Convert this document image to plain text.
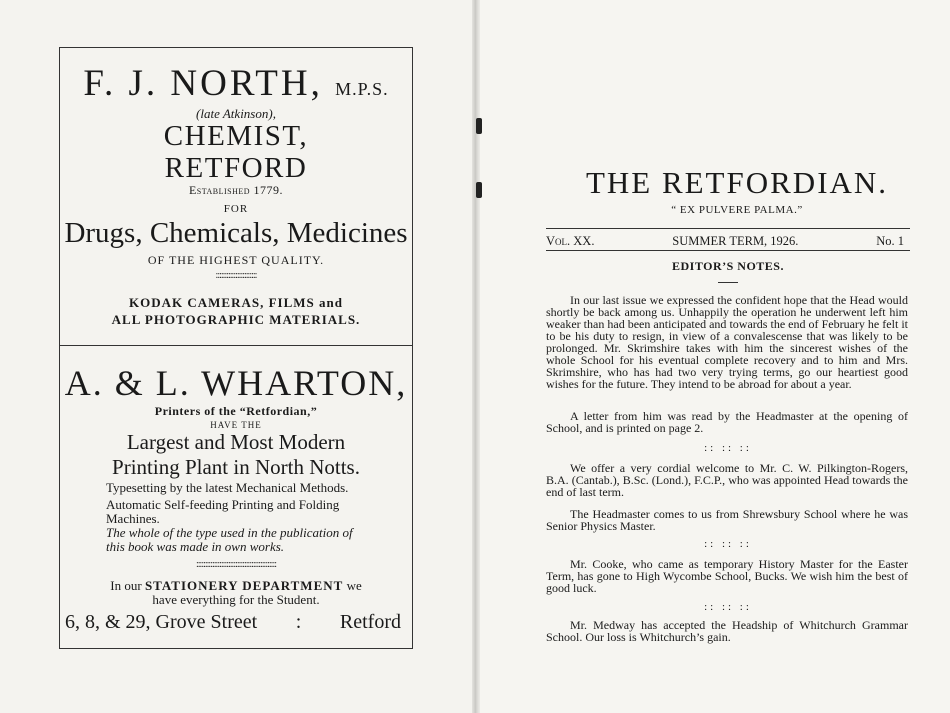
F. J. NORTH, M.P.S.
(late Atkinson),
CHEMIST,
RETFORD
Established 1779.
FOR
Drugs, Chemicals, Medicines
OF THE HIGHEST QUALITY.
:::::::::::::::::::::::
KODAK CAMERAS, FILMS and
ALL PHOTOGRAPHIC MATERIALS.
A. & L. WHARTON,
Printers of the “Retfordian,”
HAVE THE
Largest and Most Modern
Printing Plant in North Notts.
Typesetting by the latest Mechanical Methods.
Automatic Self-feeding Printing and Folding Machines.
The whole of the type used in the publication of this book was made in own works.
:::::::::::::::::::::::::::::::::::::::::::::
In our STATIONERY DEPARTMENT we
have everything for the Student.
6, 8, & 29, Grove Street : Retford
THE RETFORDIAN.
“ EX PULVERE PALMA.”
Vol. XX.	SUMMER TERM, 1926.	No. 1
EDITOR’S NOTES.
In our last issue we expressed the confident hope that the Head would shortly be back among us. Unhappily the operation he underwent left him weaker than had been anticipated and towards the end of February he felt it to be his duty to resign, in view of a convalescense that was likely to be prolonged. Mr. Skrimshire takes with him the sincerest wishes of the whole School for his eventual complete recovery and to him and Mrs. Skrimshire, who has had two very trying terms, go our heartiest good wishes for the future. They intend to be abroad for about a year.
A letter from him was read by the Headmaster at the opening of School, and is printed on page 2.
:: :: ::
We offer a very cordial welcome to Mr. C. W. Pilkington-Rogers, B.A. (Cantab.), B.Sc. (Lond.), F.C.P., who was appointed Head towards the end of last term.
The Headmaster comes to us from Shrewsbury School where he was Senior Physics Master.
:: :: ::
Mr. Cooke, who came as temporary History Master for the Easter Term, has gone to High Wycombe School, Bucks. We wish him the best of good luck.
:: :: ::
Mr. Medway has accepted the Headship of Whitchurch Grammar School. Our loss is Whitchurch’s gain.
